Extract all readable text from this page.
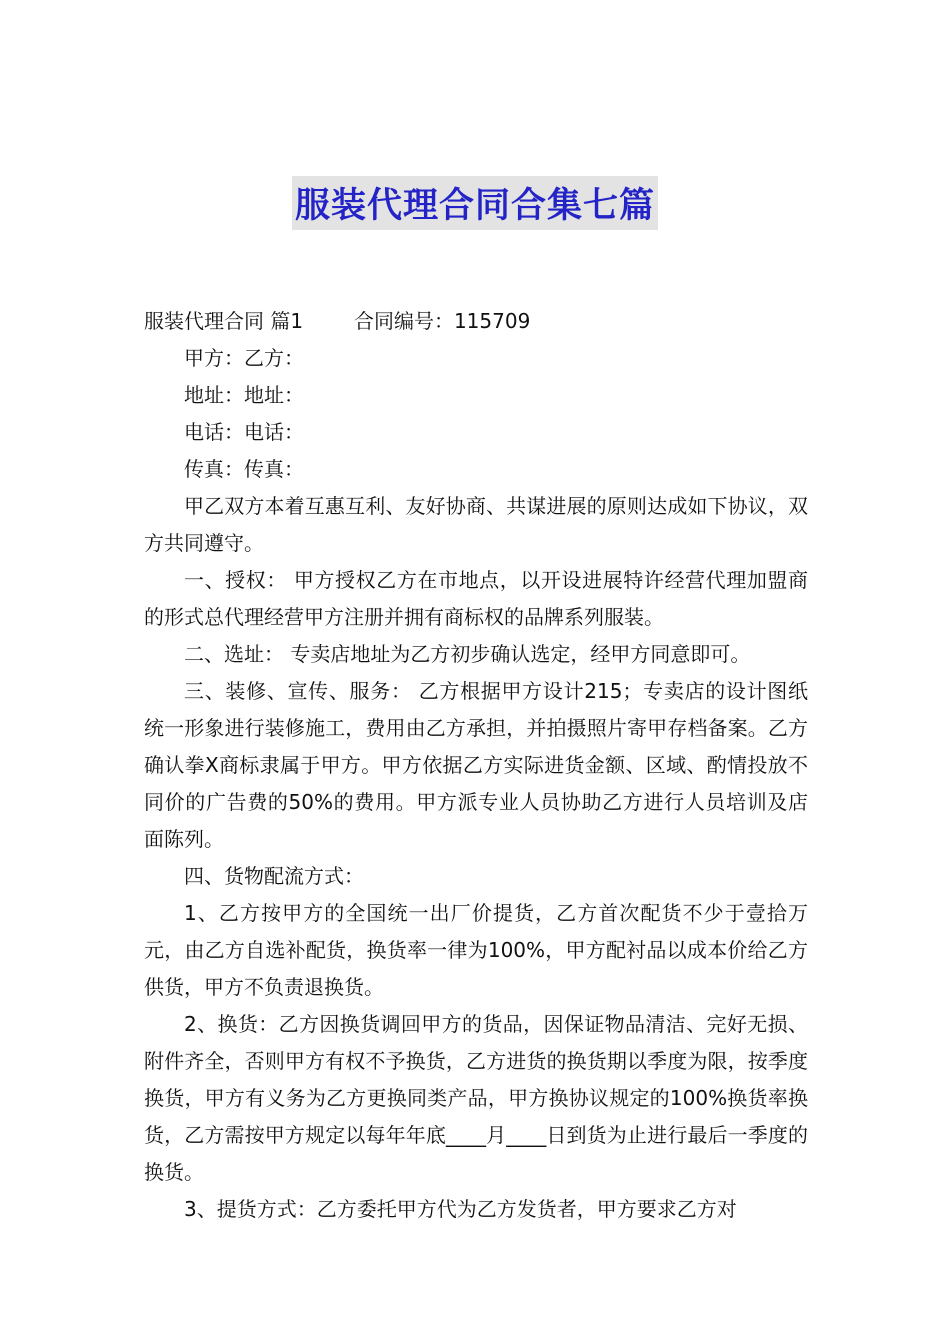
服装代理合同合集七篇

服装代理合同 篇1        合同编号：115709

甲方：乙方：

地址：地址：

电话：电话：

传真：传真：

甲乙双方本着互惠互利、友好协商、共谋进展的原则达成如下协议，双方共同遵守。

一、授权： 甲方授权乙方在市地点，以开设进展特许经营代理加盟商的形式总代理经营甲方注册并拥有商标权的品牌系列服装。

二、选址： 专卖店地址为乙方初步确认选定，经甲方同意即可。

三、装修、宣传、服务： 乙方根据甲方设计215；专卖店的设计图纸统一形象进行装修施工，费用由乙方承担，并拍摄照片寄甲存档备案。乙方确认拳X商标隶属于甲方。甲方依据乙方实际进货金额、区域、酌情投放不同价的广告费的50%的费用。甲方派专业人员协助乙方进行人员培训及店面陈列。

四、货物配流方式：

1、乙方按甲方的全国统一出厂价提货，乙方首次配货不少于壹拾万元，由乙方自选补配货，换货率一律为100%，甲方配衬品以成本价给乙方供货，甲方不负责退换货。

2、换货：乙方因换货调回甲方的货品，因保证物品清洁、完好无损、附件齐全，否则甲方有权不予换货，乙方进货的换货期以季度为限，按季度换货，甲方有义务为乙方更换同类产品，甲方换协议规定的100%换货率换货，乙方需按甲方规定以每年年底____月____日到货为止进行最后一季度的换货。

3、提货方式：乙方委托甲方代为乙方发货者，甲方要求乙方对
